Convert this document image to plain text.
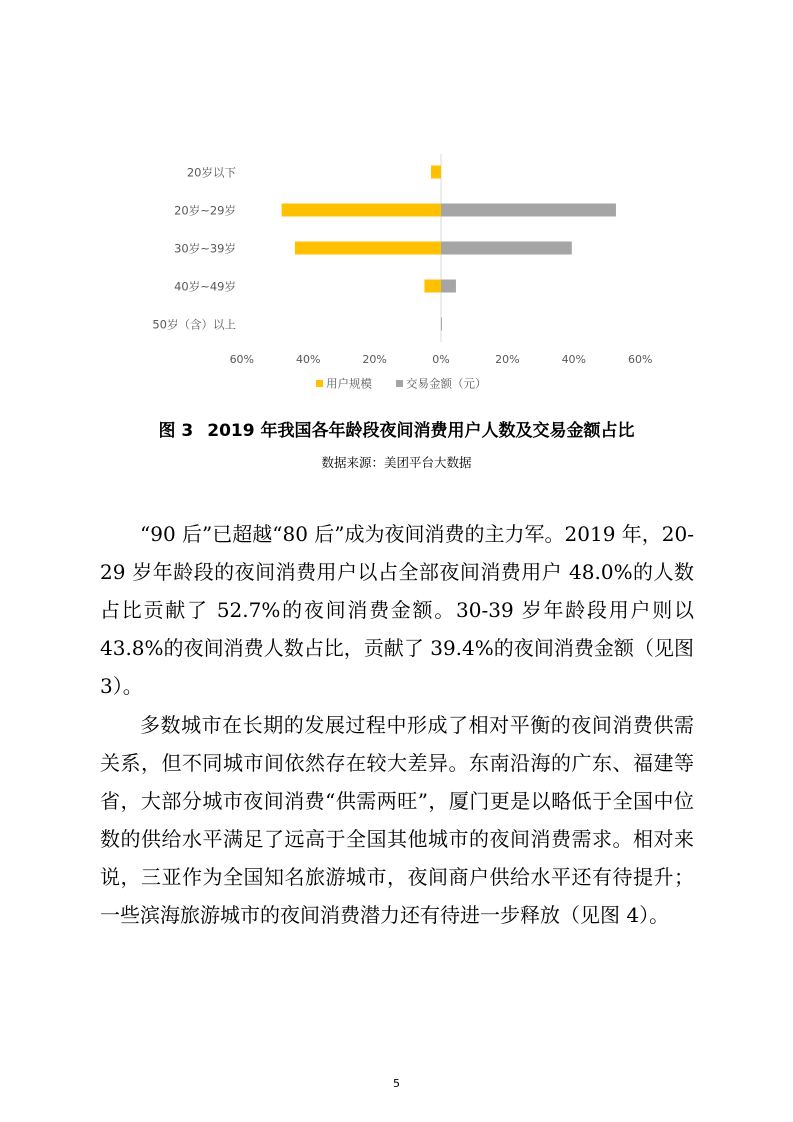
20岁以下
20岁~29岁
30岁~39岁
40岁~49岁
50岁（含）以上
60%	40%	20%	0%	20%	40%	60%
用户规模	交易金额（元）
图 3 2019 年我国各年龄段夜间消费用户人数及交易金额占比
数据来源：美团平台大数据

“90 后”已超越“80 后”成为夜间消费的主力军。2019 年，20-29 岁年龄段的夜间消费用户以占全部夜间消费用户 48.0%的人数占比贡献了 52.7%的夜间消费金额。30-39 岁年龄段用户则以 43.8%的夜间消费人数占比，贡献了 39.4%的夜间消费金额（见图 3）。

多数城市在长期的发展过程中形成了相对平衡的夜间消费供需关系，但不同城市间依然存在较大差异。东南沿海的广东、福建等省，大部分城市夜间消费“供需两旺”，厦门更是以略低于全国中位数的供给水平满足了远高于全国其他城市的夜间消费需求。相对来说，三亚作为全国知名旅游城市，夜间商户供给水平还有待提升；一些滨海旅游城市的夜间消费潜力还有待进一步释放（见图 4）。

5
